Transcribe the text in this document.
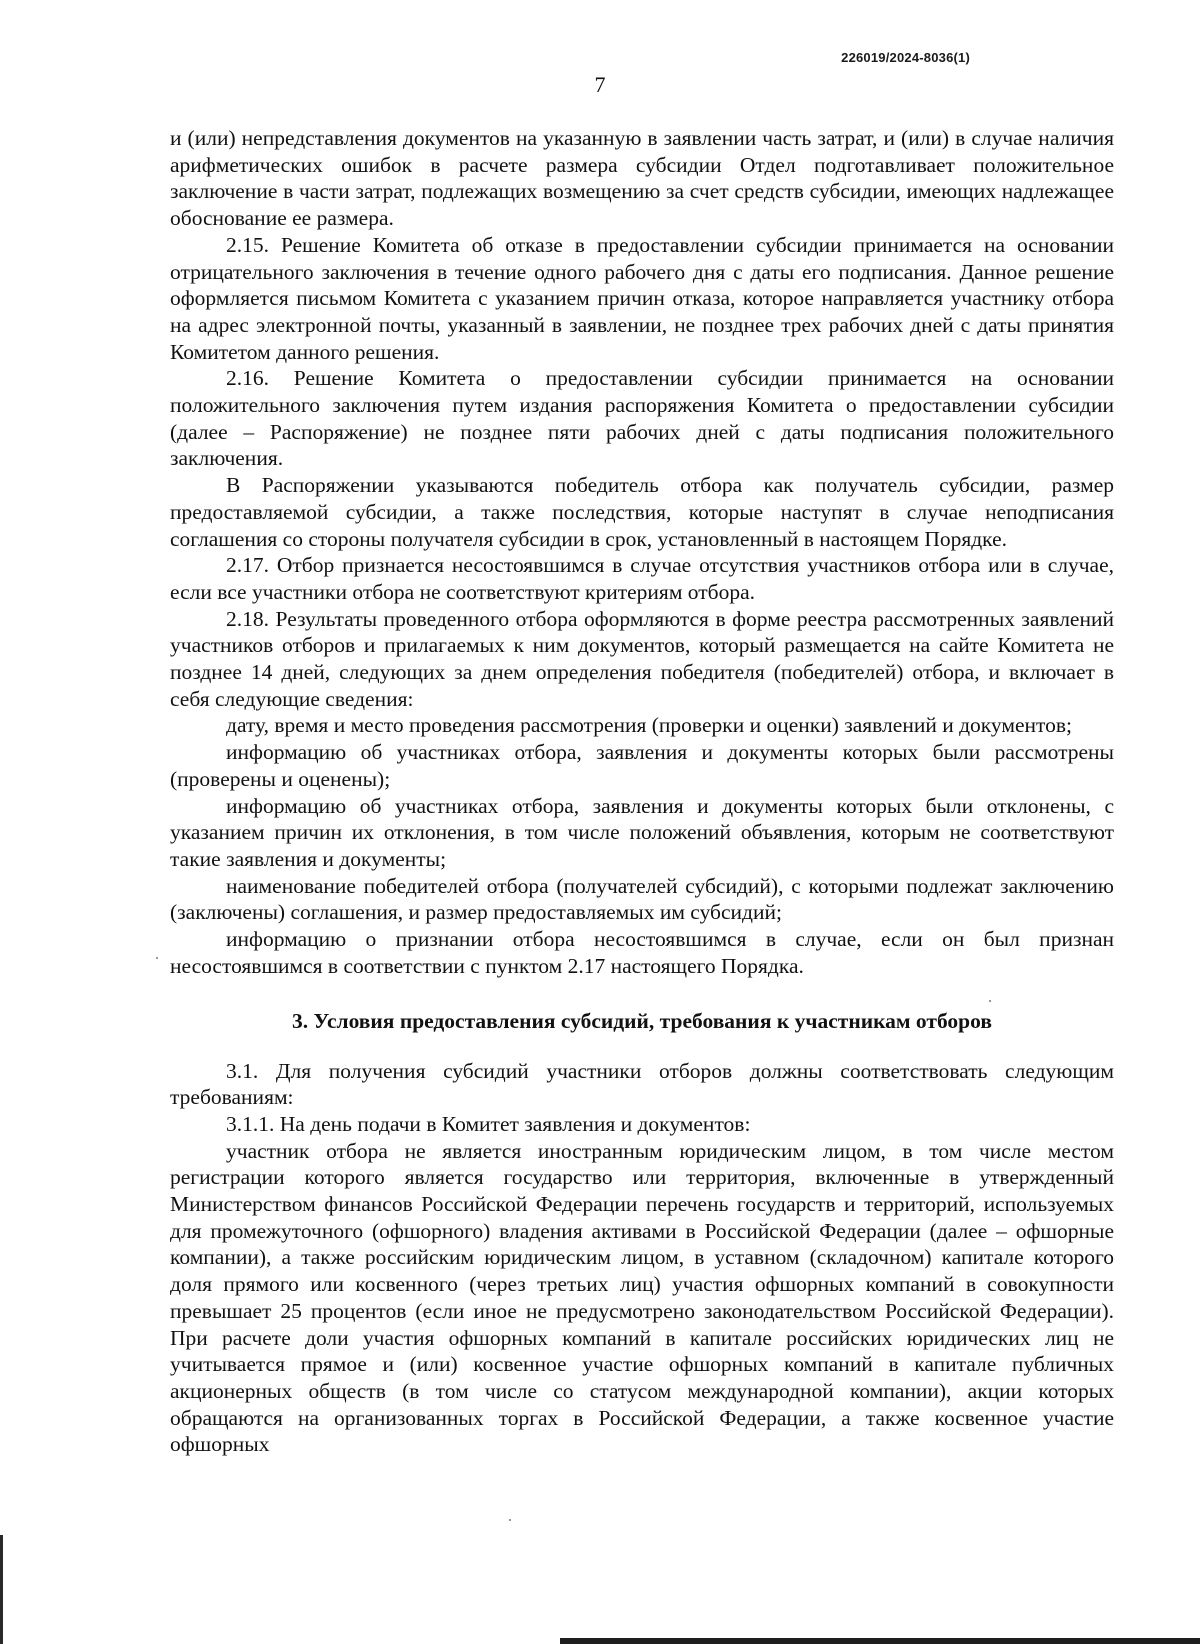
226019/2024-8036(1)
7

и (или) непредставления документов на указанную в заявлении часть затрат, и (или) в случае наличия арифметических ошибок в расчете размера субсидии Отдел подготавливает положительное заключение в части затрат, подлежащих возмещению за счет средств субсидии, имеющих надлежащее обоснование ее размера.

2.15. Решение Комитета об отказе в предоставлении субсидии принимается на основании отрицательного заключения в течение одного рабочего дня с даты его подписания. Данное решение оформляется письмом Комитета с указанием причин отказа, которое направляется участнику отбора на адрес электронной почты, указанный в заявлении, не позднее трех рабочих дней с даты принятия Комитетом данного решения.

2.16. Решение Комитета о предоставлении субсидии принимается на основании положительного заключения путем издания распоряжения Комитета о предоставлении субсидии (далее – Распоряжение) не позднее пяти рабочих дней с даты подписания положительного заключения.

В Распоряжении указываются победитель отбора как получатель субсидии, размер предоставляемой субсидии, а также последствия, которые наступят в случае неподписания соглашения со стороны получателя субсидии в срок, установленный в настоящем Порядке.

2.17. Отбор признается несостоявшимся в случае отсутствия участников отбора или в случае, если все участники отбора не соответствуют критериям отбора.

2.18. Результаты проведенного отбора оформляются в форме реестра рассмотренных заявлений участников отборов и прилагаемых к ним документов, который размещается на сайте Комитета не позднее 14 дней, следующих за днем определения победителя (победителей) отбора, и включает в себя следующие сведения:

дату, время и место проведения рассмотрения (проверки и оценки) заявлений и документов;

информацию об участниках отбора, заявления и документы которых были рассмотрены (проверены и оценены);

информацию об участниках отбора, заявления и документы которых были отклонены, с указанием причин их отклонения, в том числе положений объявления, которым не соответствуют такие заявления и документы;

наименование победителей отбора (получателей субсидий), с которыми подлежат заключению (заключены) соглашения, и размер предоставляемых им субсидий;

информацию о признании отбора несостоявшимся в случае, если он был признан несостоявшимся в соответствии с пунктом 2.17 настоящего Порядка.

3. Условия предоставления субсидий, требования к участникам отборов

3.1. Для получения субсидий участники отборов должны соответствовать следующим требованиям:

3.1.1. На день подачи в Комитет заявления и документов:

участник отбора не является иностранным юридическим лицом, в том числе местом регистрации которого является государство или территория, включенные в утвержденный Министерством финансов Российской Федерации перечень государств и территорий, используемых для промежуточного (офшорного) владения активами в Российской Федерации (далее – офшорные компании), а также российским юридическим лицом, в уставном (складочном) капитале которого доля прямого или косвенного (через третьих лиц) участия офшорных компаний в совокупности превышает 25 процентов (если иное не предусмотрено законодательством Российской Федерации). При расчете доли участия офшорных компаний в капитале российских юридических лиц не учитывается прямое и (или) косвенное участие офшорных компаний в капитале публичных акционерных обществ (в том числе со статусом международной компании), акции которых обращаются на организованных торгах в Российской Федерации, а также косвенное участие офшорных
